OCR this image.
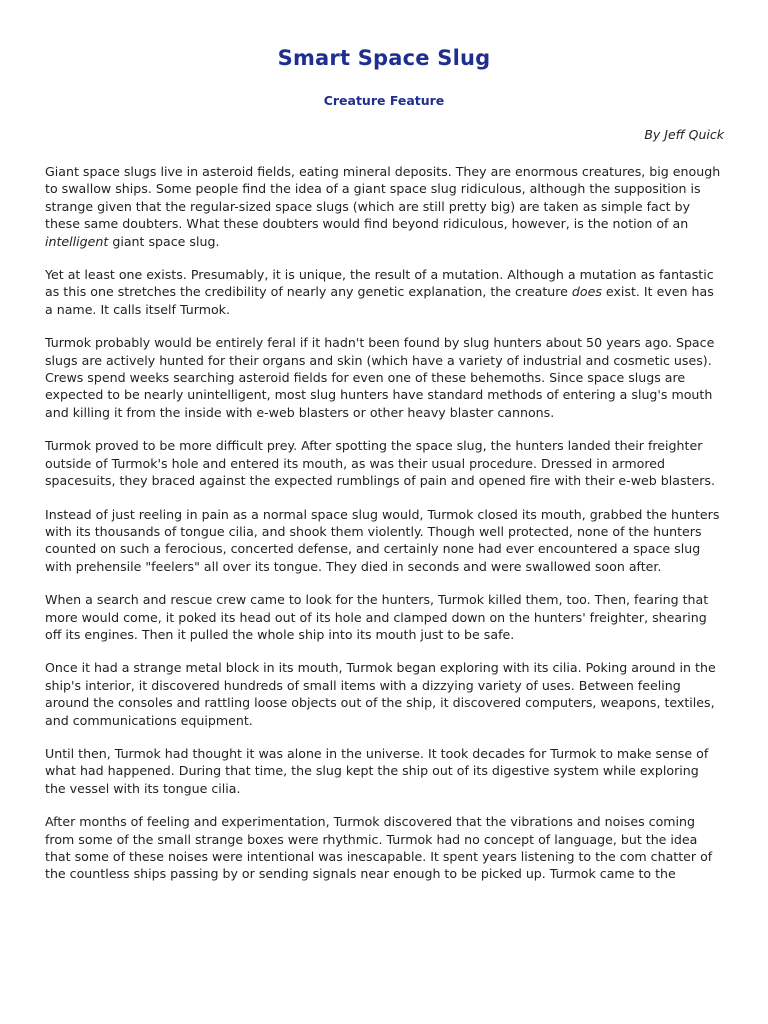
Smart Space Slug
Creature Feature

By Jeff Quick

Giant space slugs live in asteroid fields, eating mineral deposits. They are enormous creatures, big enough to swallow ships. Some people find the idea of a giant space slug ridiculous, although the supposition is strange given that the regular-sized space slugs (which are still pretty big) are taken as simple fact by these same doubters. What these doubters would find beyond ridiculous, however, is the notion of an intelligent giant space slug.

Yet at least one exists. Presumably, it is unique, the result of a mutation. Although a mutation as fantastic as this one stretches the credibility of nearly any genetic explanation, the creature does exist. It even has a name. It calls itself Turmok.

Turmok probably would be entirely feral if it hadn't been found by slug hunters about 50 years ago. Space slugs are actively hunted for their organs and skin (which have a variety of industrial and cosmetic uses). Crews spend weeks searching asteroid fields for even one of these behemoths. Since space slugs are expected to be nearly unintelligent, most slug hunters have standard methods of entering a slug's mouth and killing it from the inside with e-web blasters or other heavy blaster cannons.

Turmok proved to be more difficult prey. After spotting the space slug, the hunters landed their freighter outside of Turmok's hole and entered its mouth, as was their usual procedure. Dressed in armored spacesuits, they braced against the expected rumblings of pain and opened fire with their e-web blasters.

Instead of just reeling in pain as a normal space slug would, Turmok closed its mouth, grabbed the hunters with its thousands of tongue cilia, and shook them violently. Though well protected, none of the hunters counted on such a ferocious, concerted defense, and certainly none had ever encountered a space slug with prehensile "feelers" all over its tongue. They died in seconds and were swallowed soon after.

When a search and rescue crew came to look for the hunters, Turmok killed them, too. Then, fearing that more would come, it poked its head out of its hole and clamped down on the hunters' freighter, shearing off its engines. Then it pulled the whole ship into its mouth just to be safe.

Once it had a strange metal block in its mouth, Turmok began exploring with its cilia. Poking around in the ship's interior, it discovered hundreds of small items with a dizzying variety of uses. Between feeling around the consoles and rattling loose objects out of the ship, it discovered computers, weapons, textiles, and communications equipment.

Until then, Turmok had thought it was alone in the universe. It took decades for Turmok to make sense of what had happened. During that time, the slug kept the ship out of its digestive system while exploring the vessel with its tongue cilia.

After months of feeling and experimentation, Turmok discovered that the vibrations and noises coming from some of the small strange boxes were rhythmic. Turmok had no concept of language, but the idea that some of these noises were intentional was inescapable. It spent years listening to the com chatter of the countless ships passing by or sending signals near enough to be picked up. Turmok came to the
